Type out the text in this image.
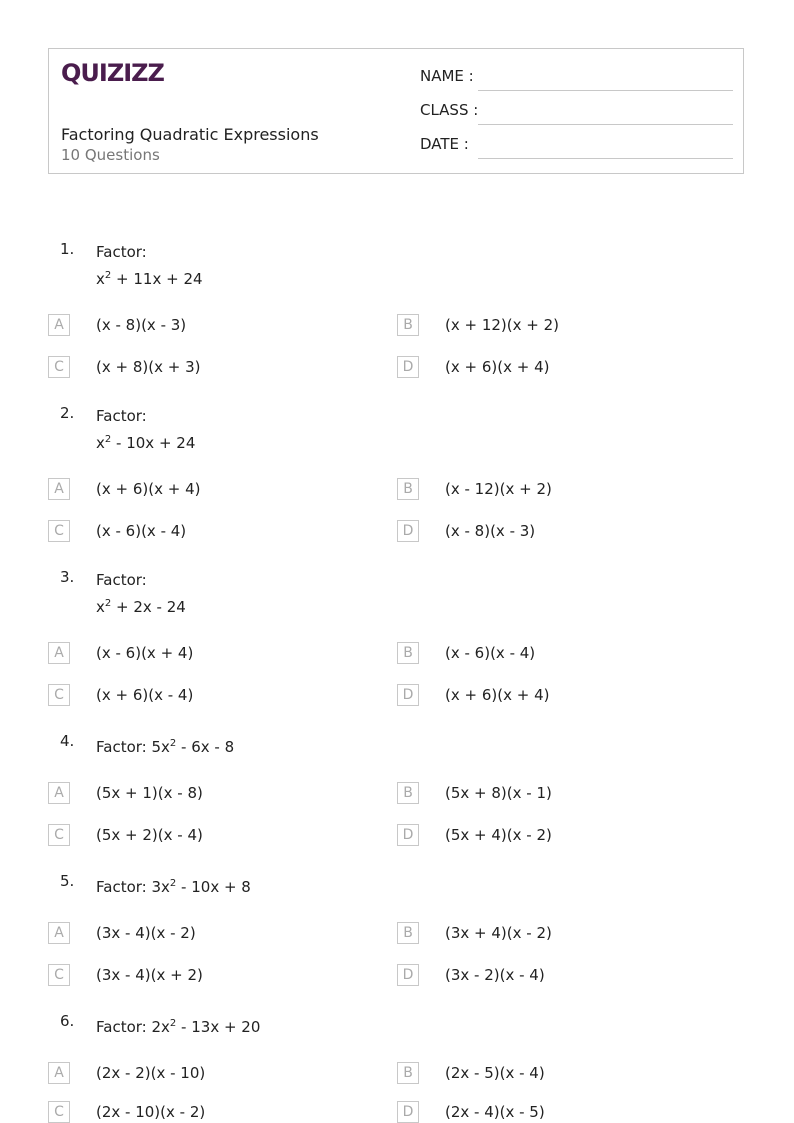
QUIZIZZ
Factoring Quadratic Expressions
10 Questions
NAME :
CLASS :
DATE :
1. Factor:
$x^2 + 11x + 24$
A	(x - 8)(x - 3)	B	(x + 12)(x + 2)
C	(x + 8)(x + 3)	D	(x + 6)(x + 4)
2. Factor:
$x^2 - 10x + 24$
A	(x + 6)(x + 4)	B	(x - 12)(x + 2)
C	(x - 6)(x - 4)	D	(x - 8)(x - 3)
3. Factor:
$x^2 + 2x - 24$
A	(x - 6)(x + 4)	B	(x - 6)(x - 4)
C	(x + 6)(x - 4)	D	(x + 6)(x + 4)
4. Factor: $5x^2 - 6x - 8$
A	(5x + 1)(x - 8)	B	(5x + 8)(x - 1)
C	(5x + 2)(x - 4)	D	(5x + 4)(x - 2)
5. Factor: $3x^2 - 10x + 8$
A	(3x - 4)(x - 2)	B	(3x + 4)(x - 2)
C	(3x - 4)(x + 2)	D	(3x - 2)(x - 4)
6. Factor: $2x^2 - 13x + 20$
A	(2x - 2)(x - 10)	B	(2x - 5)(x - 4)
C	(2x - 10)(x - 2)	D	(2x - 4)(x - 5)
